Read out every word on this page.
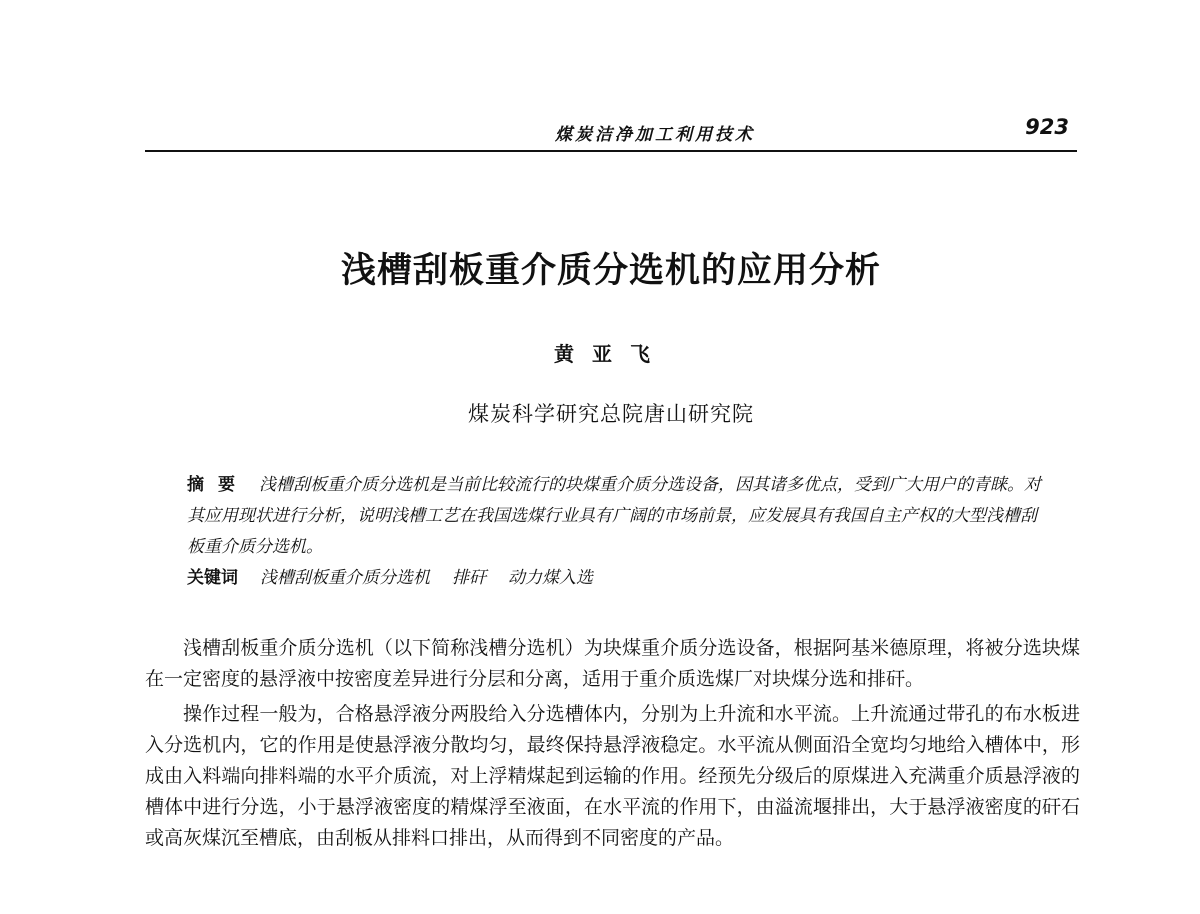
煤炭洁净加工利用技术	923
浅槽刮板重介质分选机的应用分析
黄亚飞
煤炭科学研究总院唐山研究院

摘要 浅槽刮板重介质分选机是当前比较流行的块煤重介质分选设备，因其诸多优点，受到广大用户的青睐。对其应用现状进行分析，说明浅槽工艺在我国选煤行业具有广阔的市场前景，应发展具有我国自主产权的大型浅槽刮板重介质分选机。

关键词 浅槽刮板重介质分选机 排矸 动力煤入选

浅槽刮板重介质分选机（以下简称浅槽分选机）为块煤重介质分选设备，根据阿基米德原理，将被分选块煤在一定密度的悬浮液中按密度差异进行分层和分离，适用于重介质选煤厂对块煤分选和排矸。

操作过程一般为，合格悬浮液分两股给入分选槽体内，分别为上升流和水平流。上升流通过带孔的布水板进入分选机内，它的作用是使悬浮液分散均匀，最终保持悬浮液稳定。水平流从侧面沿全宽均匀地给入槽体中，形成由入料端向排料端的水平介质流，对上浮精煤起到运输的作用。经预先分级后的原煤进入充满重介质悬浮液的槽体中进行分选，小于悬浮液密度的精煤浮至液面，在水平流的作用下，由溢流堰排出，大于悬浮液密度的矸石或高灰煤沉至槽底，由刮板从排料口排出，从而得到不同密度的产品。
